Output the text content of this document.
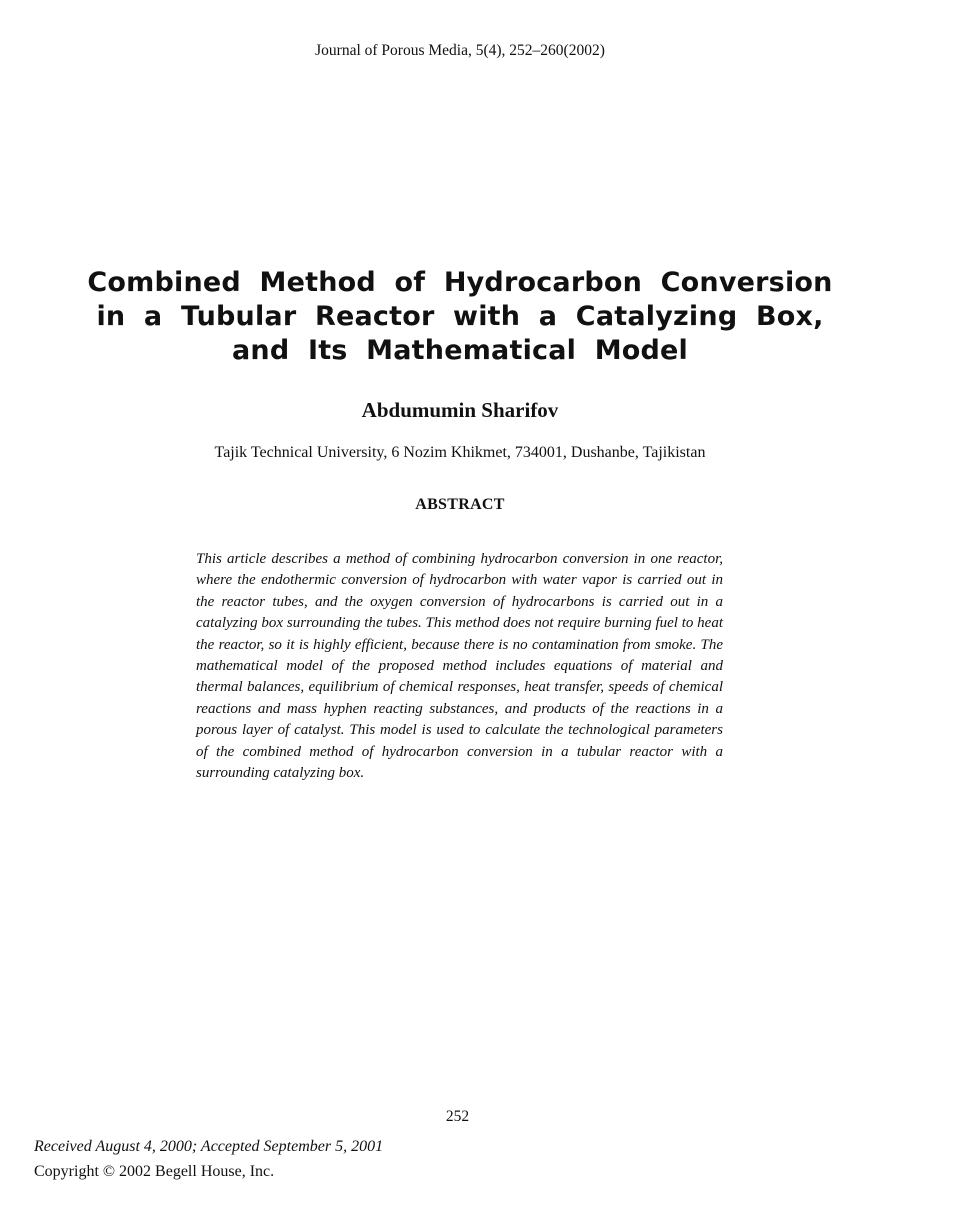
Journal of Porous Media, 5(4), 252–260(2002)
Combined Method of Hydrocarbon Conversion
in a Tubular Reactor with a Catalyzing Box,
and Its Mathematical Model
Abdumumin Sharifov
Tajik Technical University, 6 Nozim Khikmet, 734001, Dushanbe, Tajikistan
ABSTRACT

This article describes a method of combining hydrocarbon conversion in one reactor, where the endothermic conversion of hydrocarbon with water vapor is carried out in the reactor tubes, and the oxygen conversion of hydrocarbons is carried out in a catalyzing box surrounding the tubes. This method does not require burning fuel to heat the reactor, so it is highly efficient, because there is no contamination from smoke. The mathematical model of the proposed method includes equations of material and thermal balances, equilibrium of chemical responses, heat transfer, speeds of chemical reactions and mass hyphen reacting substances, and products of the reactions in a porous layer of catalyst. This model is used to calculate the technological parameters of the combined method of hydrocarbon conversion in a tubular reactor with a surrounding catalyzing box.

252
Received August 4, 2000; Accepted September 5, 2001
Copyright © 2002 Begell House, Inc.
